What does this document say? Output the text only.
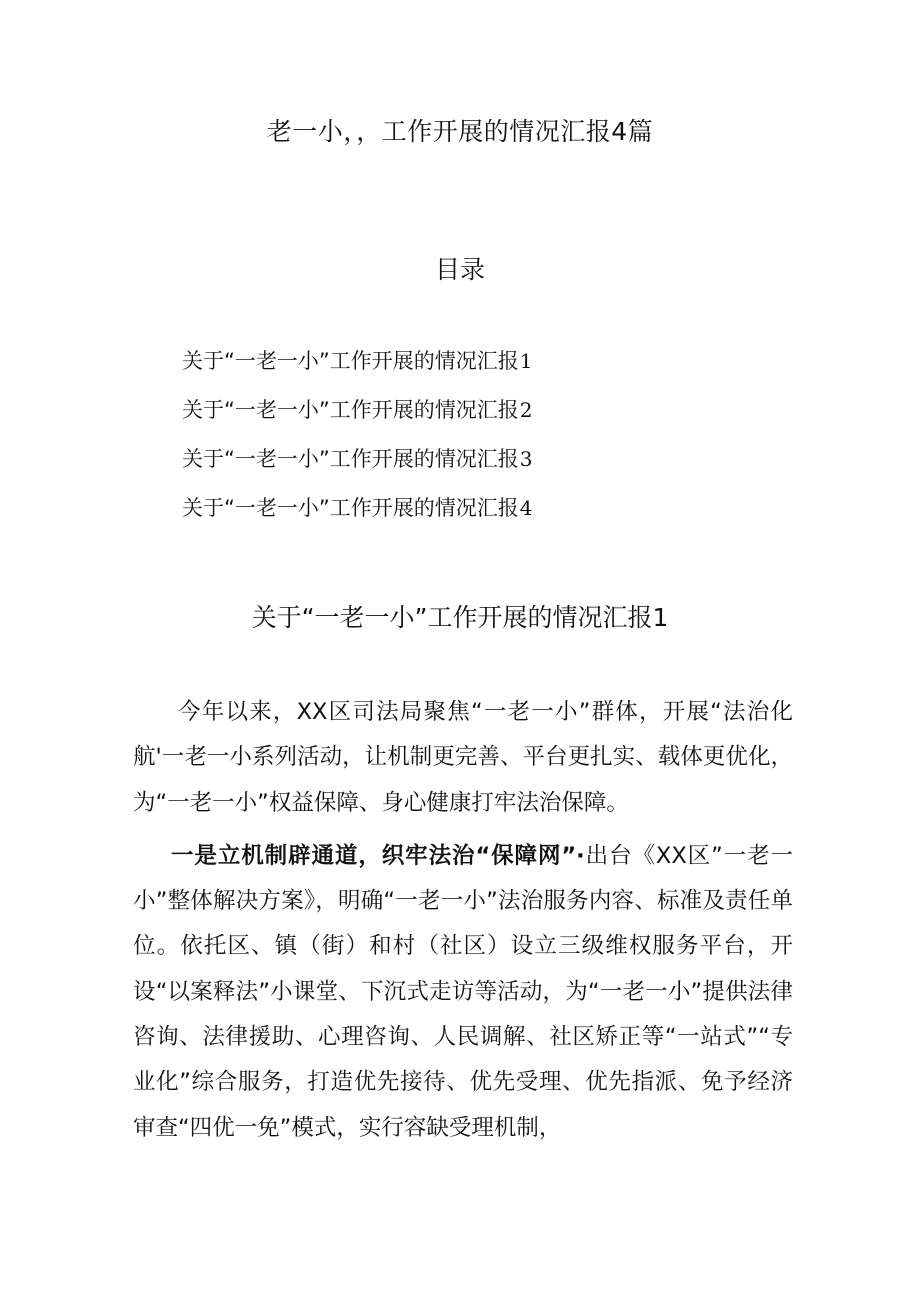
老一小，，工作开展的情况汇报4篇
目录
关于“一老一小”工作开展的情况汇报1
关于“一老一小”工作开展的情况汇报2
关于“一老一小”工作开展的情况汇报3
关于“一老一小”工作开展的情况汇报4
关于“一老一小”工作开展的情况汇报1

今年以来，XX区司法局聚焦“一老一小”群体，开展“法治化航'一老一小系列活动，让机制更完善、平台更扎实、载体更优化，为“一老一小”权益保障、身心健康打牢法治保障。

一是立机制辟通道，织牢法治“保障网”·出台《XX区”一老一小”整体解决方案》，明确“一老一小”法治服务内容、标准及责任单位。依托区、镇（街）和村（社区）设立三级维权服务平台，开设“以案释法”小课堂、下沉式走访等活动，为“一老一小”提供法律咨询、法律援助、心理咨询、人民调解、社区矫正等“一站式”“专业化”综合服务，打造优先接待、优先受理、优先指派、免予经济审查“四优一免”模式，实行容缺受理机制，
